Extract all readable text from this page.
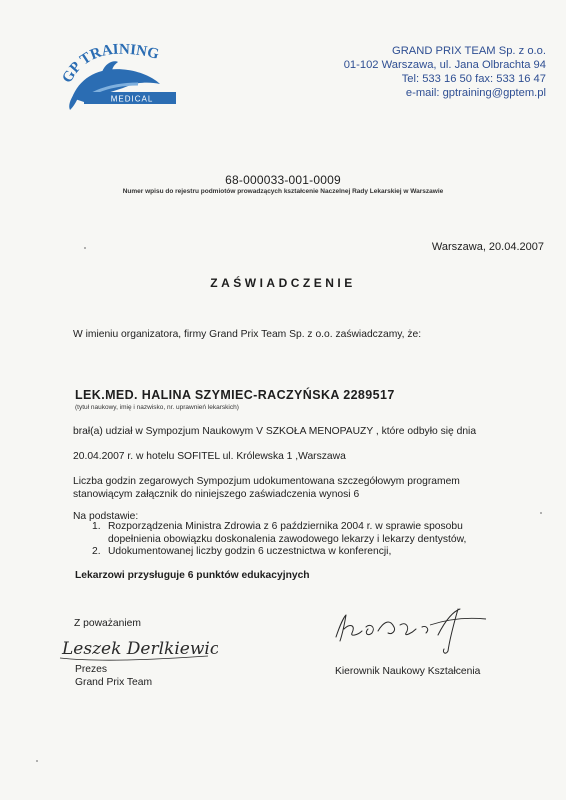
P TRAINING
MEDICAL
GRAND PRIX TEAM Sp. z o.o.
01-102 Warszawa, ul. Jana Olbrachta 94
Tel: 533 16 50 fax: 533 16 47
e-mail: gptraining@gptem.pl
68-000033-001-0009
Numer wpisu do rejestru podmiotów prowadzących kształcenie Naczelnej Rady Lekarskiej w Warszawie
Warszawa, 20.04.2007
ZAŚWIADCZENIE
W imieniu organizatora, firmy Grand Prix Team Sp. z o.o. zaświadczamy, że:
LEK.MED. HALINA SZYMIEC-RACZYŃSKA 2289517
(tytuł naukowy, imię i nazwisko, nr. uprawnień lekarskich)
brał(a) udział w Sympozjum Naukowym V SZKOŁA MENOPAUZY , które odbyło się dnia
20.04.2007 r. w hotelu SOFITEL ul. Królewska 1 ,Warszawa
Liczba godzin zegarowych Sympozjum udokumentowana szczegółowym programem
stanowiącym załącznik do niniejszego zaświadczenia wynosi 6
Na podstawie:
1. Rozporządzenia Ministra Zdrowia z 6 października 2004 r. w sprawie sposobu
dopełnienia obowiązku doskonalenia zawodowego lekarzy i lekarzy dentystów,
2. Udokumentowanej liczby godzin 6 uczestnictwa w konferencji,
Lekarzowi przysługuje 6 punktów edukacyjnych
Z poważaniem
Leszek Derlkiewicz
Prezes
Grand Prix Team
Kierownik Naukowy Kształcenia
